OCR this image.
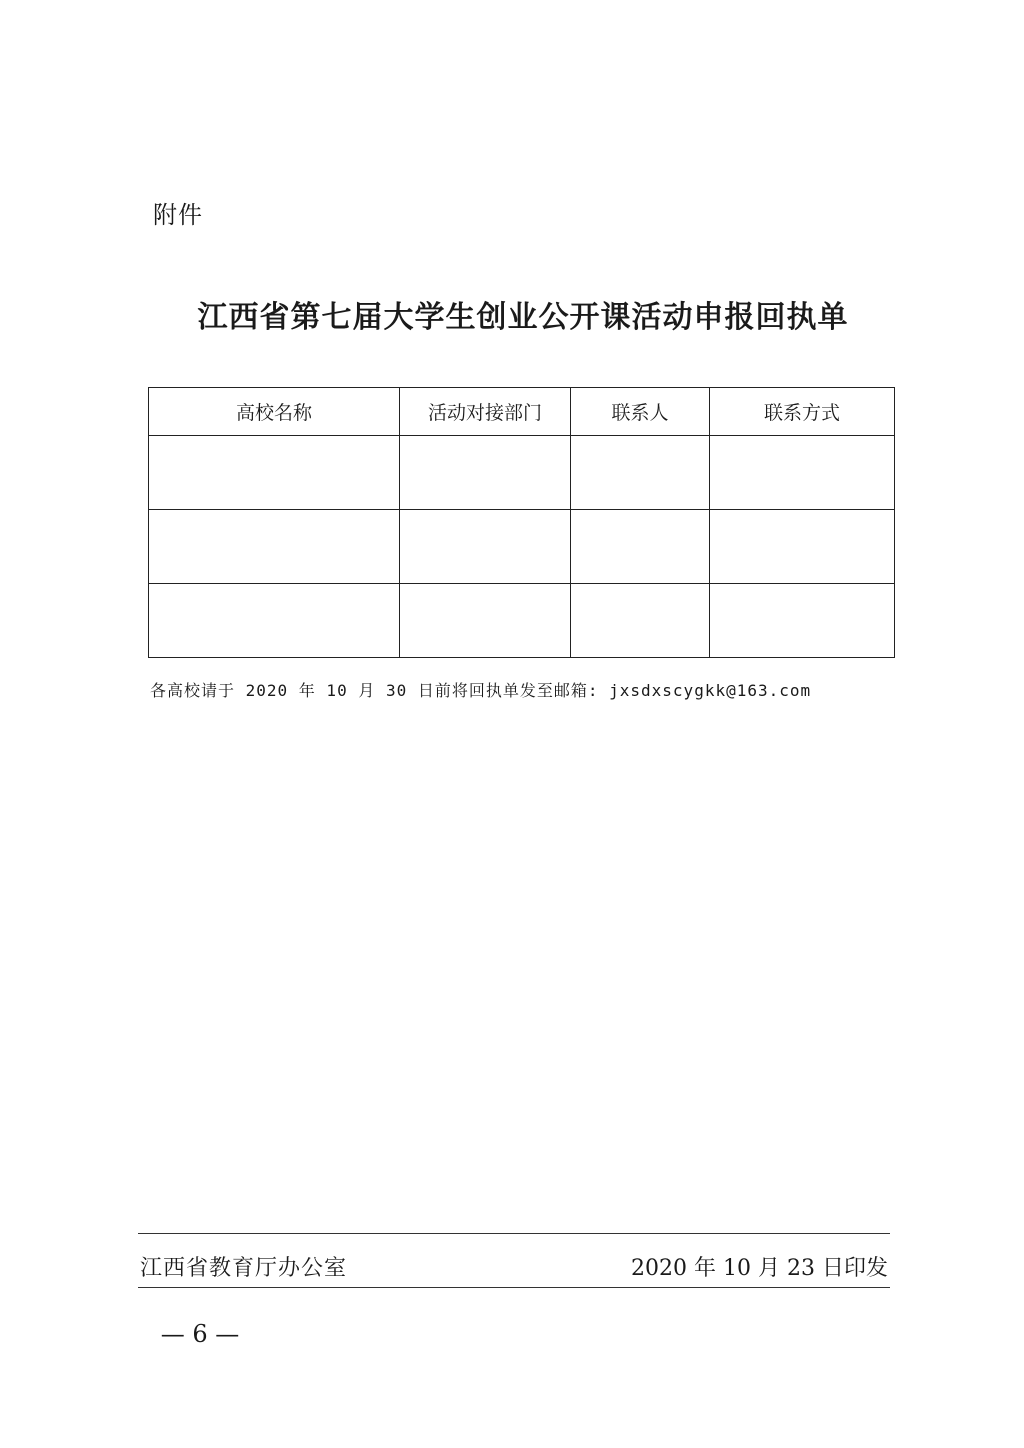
附件
江西省第七届大学生创业公开课活动申报回执单
高校名称	活动对接部门	联系人	联系方式

各高校请于 2020 年 10 月 30 日前将回执单发至邮箱: jxsdxscygkk@163.com
江西省教育厅办公室	2020 年 10 月 23 日印发
— 6 —
